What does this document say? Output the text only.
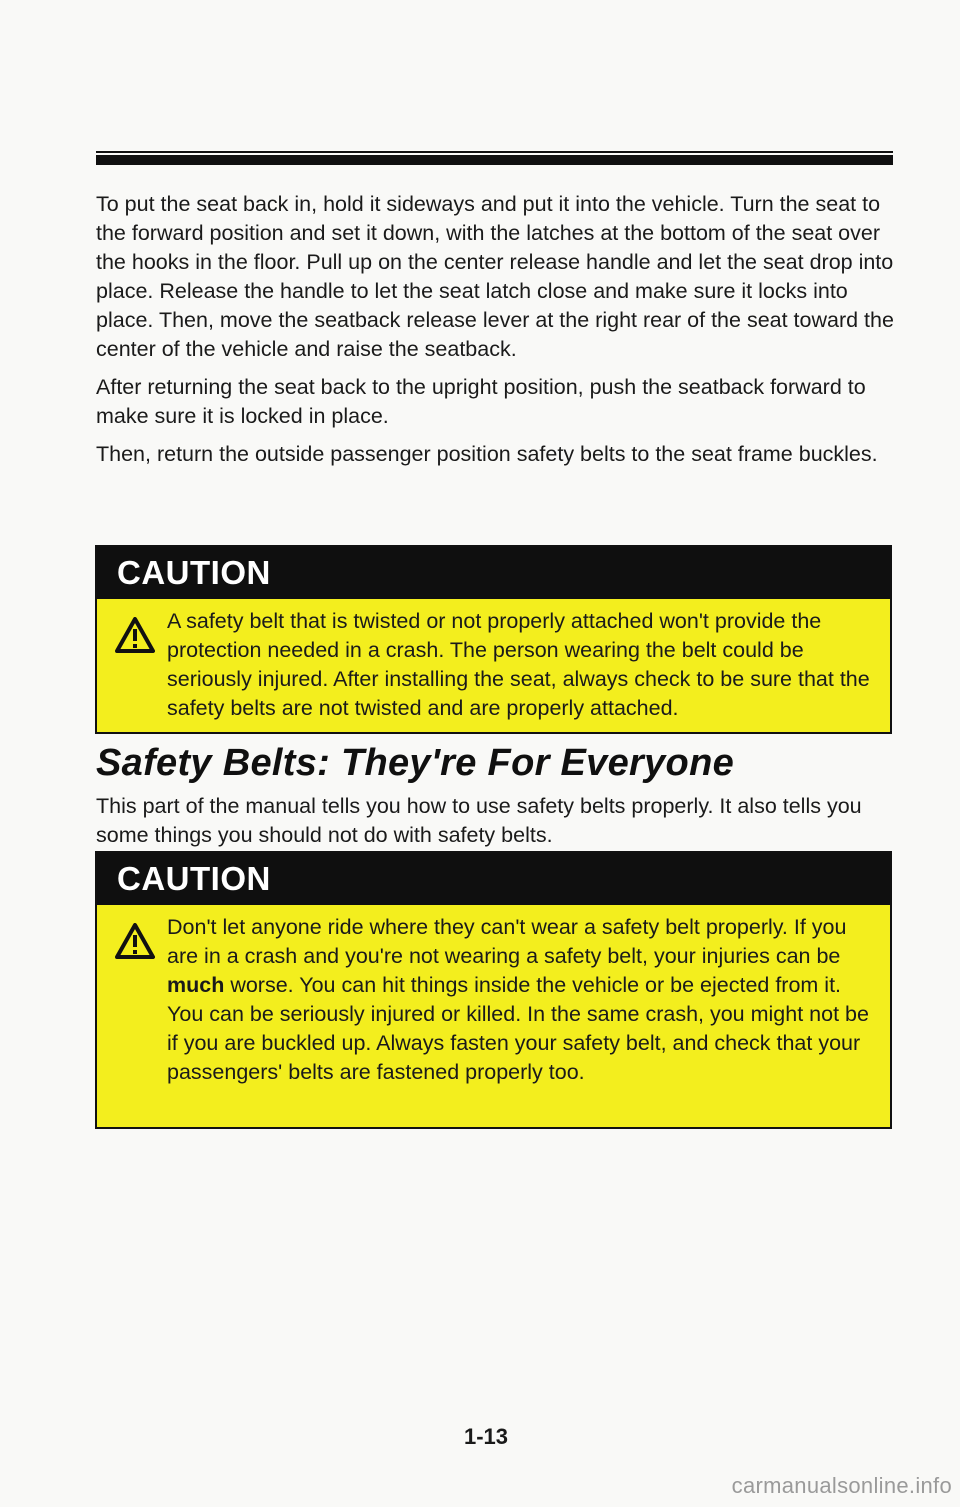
To put the seat back in, hold it sideways and put it into the vehicle. Turn the seat to the forward position and set it down, with the latches at the bottom of the seat over the hooks in the floor. Pull up on the center release handle and let the seat drop into place. Release the handle to let the seat latch close and make sure it locks into place. Then, move the seatback release lever at the right rear of the seat toward the center of the vehicle and raise the seatback.

After returning the seat back to the upright position, push the seatback forward to make sure it is locked in place.

Then, return the outside passenger position safety belts to the seat frame buckles.

CAUTION
A safety belt that is twisted or not properly attached won't provide the protection needed in a crash. The person wearing the belt could be seriously injured. After installing the seat, always check to be sure that the safety belts are not twisted and are properly attached.
Safety Belts: They're For Everyone
This part of the manual tells you how to use safety belts properly. It also tells you some things you should not do with safety belts.
CAUTION
Don't let anyone ride where they can't wear a safety belt properly. If you are in a crash and you're not wearing a safety belt, your injuries can be much worse. You can hit things inside the vehicle or be ejected from it. You can be seriously injured or killed. In the same crash, you might not be if you are buckled up. Always fasten your safety belt, and check that your passengers' belts are fastened properly too.
1-13
carmanualsonline.info
